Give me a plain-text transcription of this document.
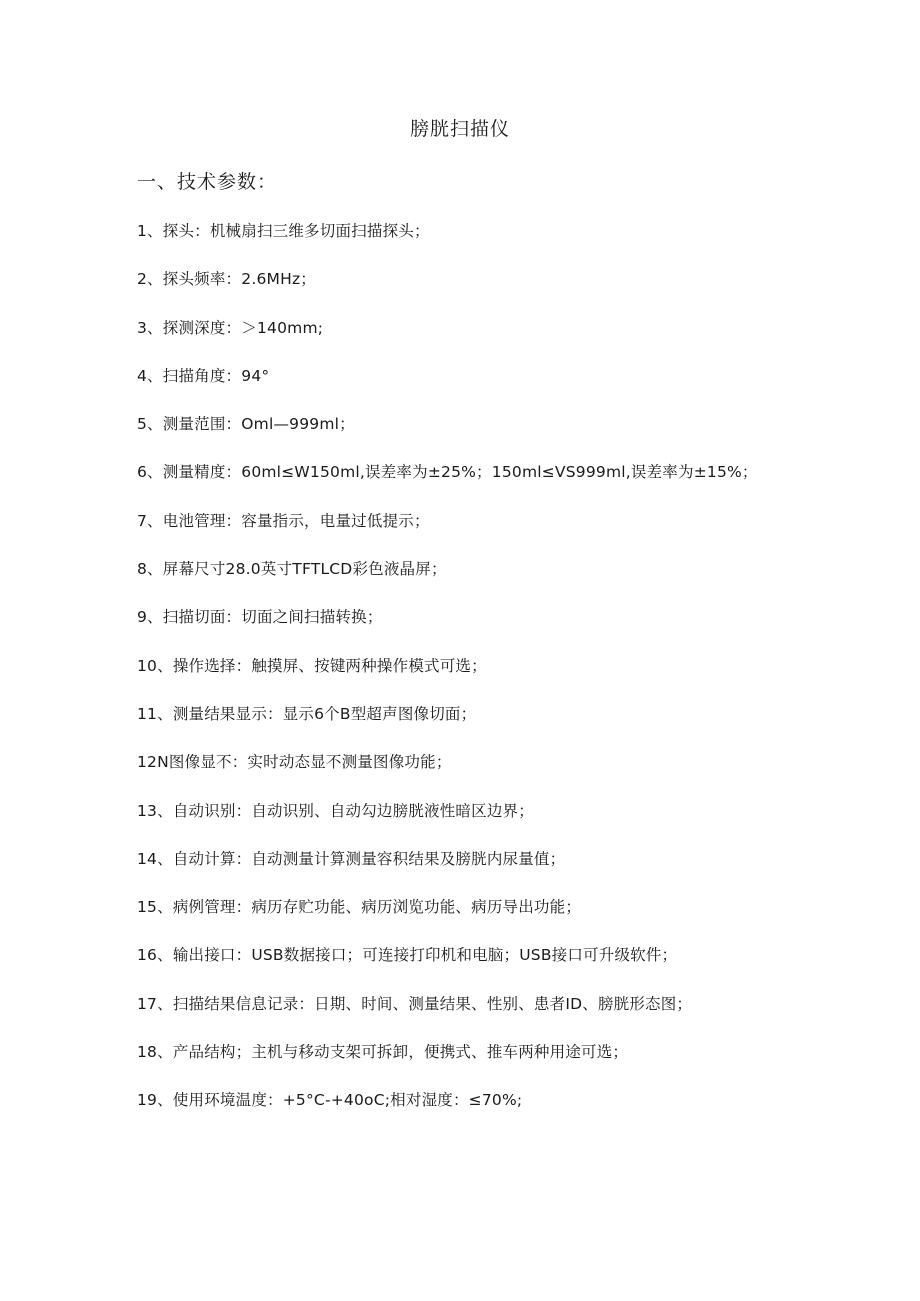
膀胱扫描仪
一、技术参数：
1、探头：机械扇扫三维多切面扫描探头；
2、探头频率：2.6MHz；
3、探测深度：＞140mm;
4、扫描角度：94°
5、测量范围：Oml—999ml；
6、测量精度：60ml≤W150ml,误差率为±25%；150ml≤VS999ml,误差率为±15%；
7、电池管理：容量指示，电量过低提示；
8、屏幕尺寸28.0英寸TFTLCD彩色液晶屏；
9、扫描切面：切面之间扫描转换；
10、操作选择：触摸屏、按键两种操作模式可选；
11、测量结果显示：显示6个B型超声图像切面；
12N图像显不：实时动态显不测量图像功能；
13、自动识别：自动识别、自动勾边膀胱液性暗区边界；
14、自动计算：自动测量计算测量容积结果及膀胱内尿量值；
15、病例管理：病历存贮功能、病历浏览功能、病历导出功能；
16、输出接口：USB数据接口；可连接打印机和电脑；USB接口可升级软件；
17、扫描结果信息记录：日期、时间、测量结果、性别、患者ID、膀胱形态图；
18、产品结构；主机与移动支架可拆卸，便携式、推车两种用途可选；
19、使用环境温度：+5°C-+40oC;相对湿度：≤70%;
